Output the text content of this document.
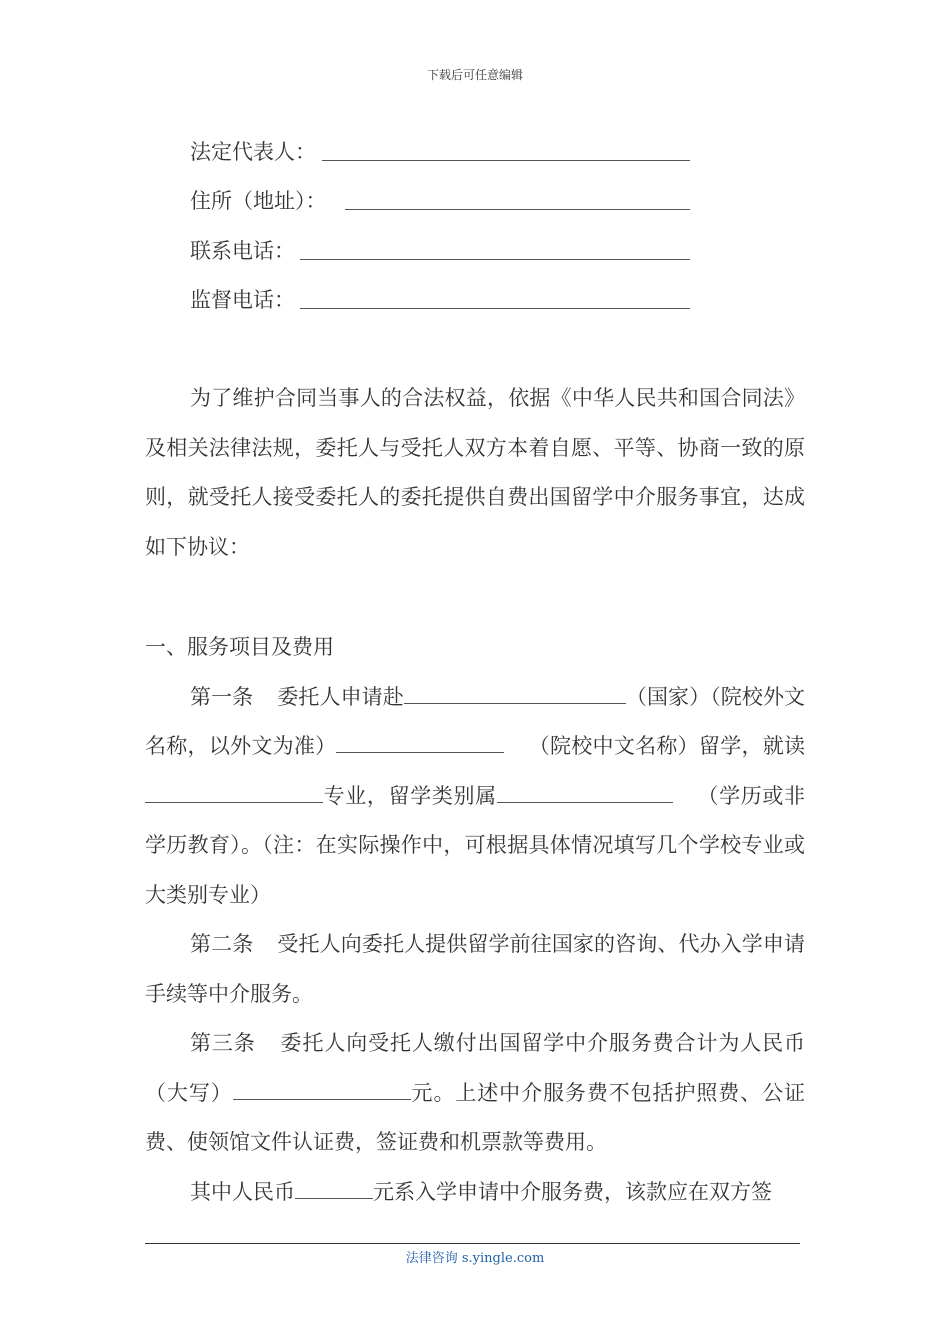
下载后可任意编辑
法定代表人：
住所（地址）：
联系电话：
监督电话：

为了维护合同当事人的合法权益，依据《中华人民共和国合同法》及相关法律法规，委托人与受托人双方本着自愿、平等、协商一致的原则，就受托人接受委托人的委托提供自费出国留学中介服务事宜，达成如下协议：

一、服务项目及费用

第一条 委托人申请赴	（国家）（院校外文名称，以外文为准）	（院校中文名称）留学，就读专业，留学类别属	（学历或非学历教育）。（注：在实际操作中，可根据具体情况填写几个学校专业或大类别专业）

第二条 受托人向委托人提供留学前往国家的咨询、代办入学申请手续等中介服务。

第三条 委托人向受托人缴付出国留学中介服务费合计为人民币（大写）	元。上述中介服务费不包括护照费、公证费、使领馆文件认证费，签证费和机票款等费用。

其中人民币	元系入学申请中介服务费，该款应在双方签

法律咨询 s.yingle.com
